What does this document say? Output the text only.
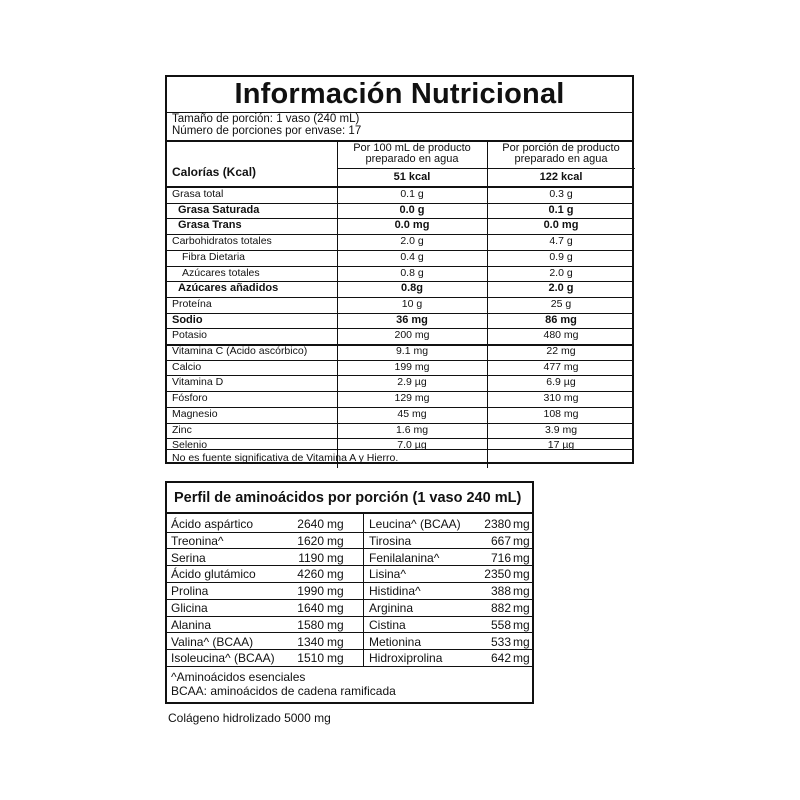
Información Nutricional
Tamaño de porción: 1 vaso (240 mL)
Número de porciones por envase: 17
Calorías (Kcal)
Por 100 mL de producto
preparado en agua
Por porción de producto
preparado en agua
51 kcal	122 kcal
Grasa total	0.1 g	0.3 g
Grasa Saturada	0.0 g	0.1 g
Grasa Trans	0.0 mg	0.0 mg
Carbohidratos totales	2.0 g	4.7 g
Fibra Dietaria	0.4 g	0.9 g
Azúcares totales	0.8 g	2.0 g
Azúcares añadidos	0.8g	2.0 g
Proteína	10 g	25 g
Sodio	36 mg	86 mg
Potasio	200 mg	480 mg
Vitamina C (Ácido ascórbico)	9.1 mg	22 mg
Calcio	199 mg	477 mg
Vitamina D	2.9 µg	6.9 µg
Fósforo	129 mg	310 mg
Magnesio	45 mg	108 mg
Zinc	1.6 mg	3.9 mg
Selenio	7.0 µg	17 µg
No es fuente significativa de Vitamina A y Hierro.
Perfil de aminoácidos por porción (1 vaso 240 mL)
Ácido aspártico	2640 mg Leucina^ (BCAA)	2380 mg
Treonina^	1620 mg Tirosina	667 mg
Serina	1190 mg Fenilalanina^	716 mg
Ácido glutámico	4260 mg Lisina^	2350 mg
Prolina	1990 mg Histidina^	388 mg
Glicina	1640 mg Arginina	882 mg
Alanina	1580 mg Cistina	558 mg
Valina^ (BCAA)	1340 mg Metionina	533 mg
Isoleucina^ (BCAA)	1510 mg Hidroxiprolina	642 mg
^Aminoácidos esenciales
BCAA: aminoácidos de cadena ramificada
Colágeno hidrolizado 5000 mg
